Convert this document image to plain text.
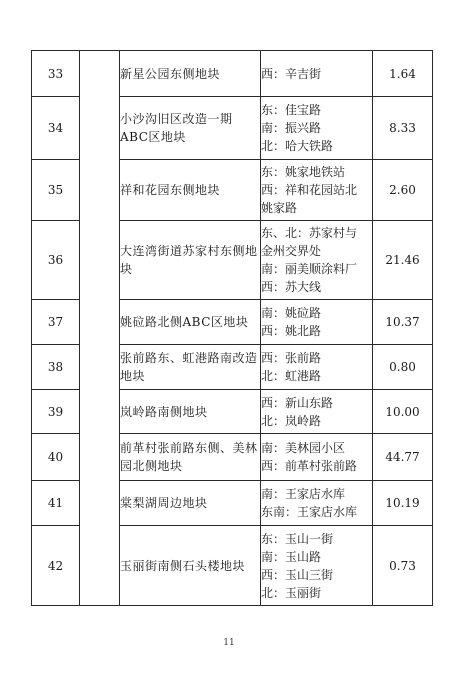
33		新星公园东侧地块	西：辛吉街	1.64
34		小沙沟旧区改造一期ABC区地块	东：佳宝路
南：振兴路
北：哈大铁路	8.33
35		祥和花园东侧地块	东：姚家地铁站
西：祥和花园站北
姚家路	2.60
36		大连湾街道苏家村东侧地块	东、北：苏家村与
金州交界处
南：丽美顺涂料厂
西：苏大线	21.46
37		姚砬路北侧ABC区地块	南：姚砬路
西：姚北路	10.37
38		张前路东、虹港路南改造地块	西：张前路
北：虹港路	0.80
39		岚岭路南侧地块	西：新山东路
北：岚岭路	10.00
40		前革村张前路东侧、美林园北侧地块	南：美林园小区
西：前革村张前路	44.77
41		棠梨湖周边地块	南：王家店水库
东南：王家店水库	10.19
42		玉丽街南侧石头楼地块	东：玉山一街
南：玉山路
西：玉山三街
北：玉丽街	0.73
11
